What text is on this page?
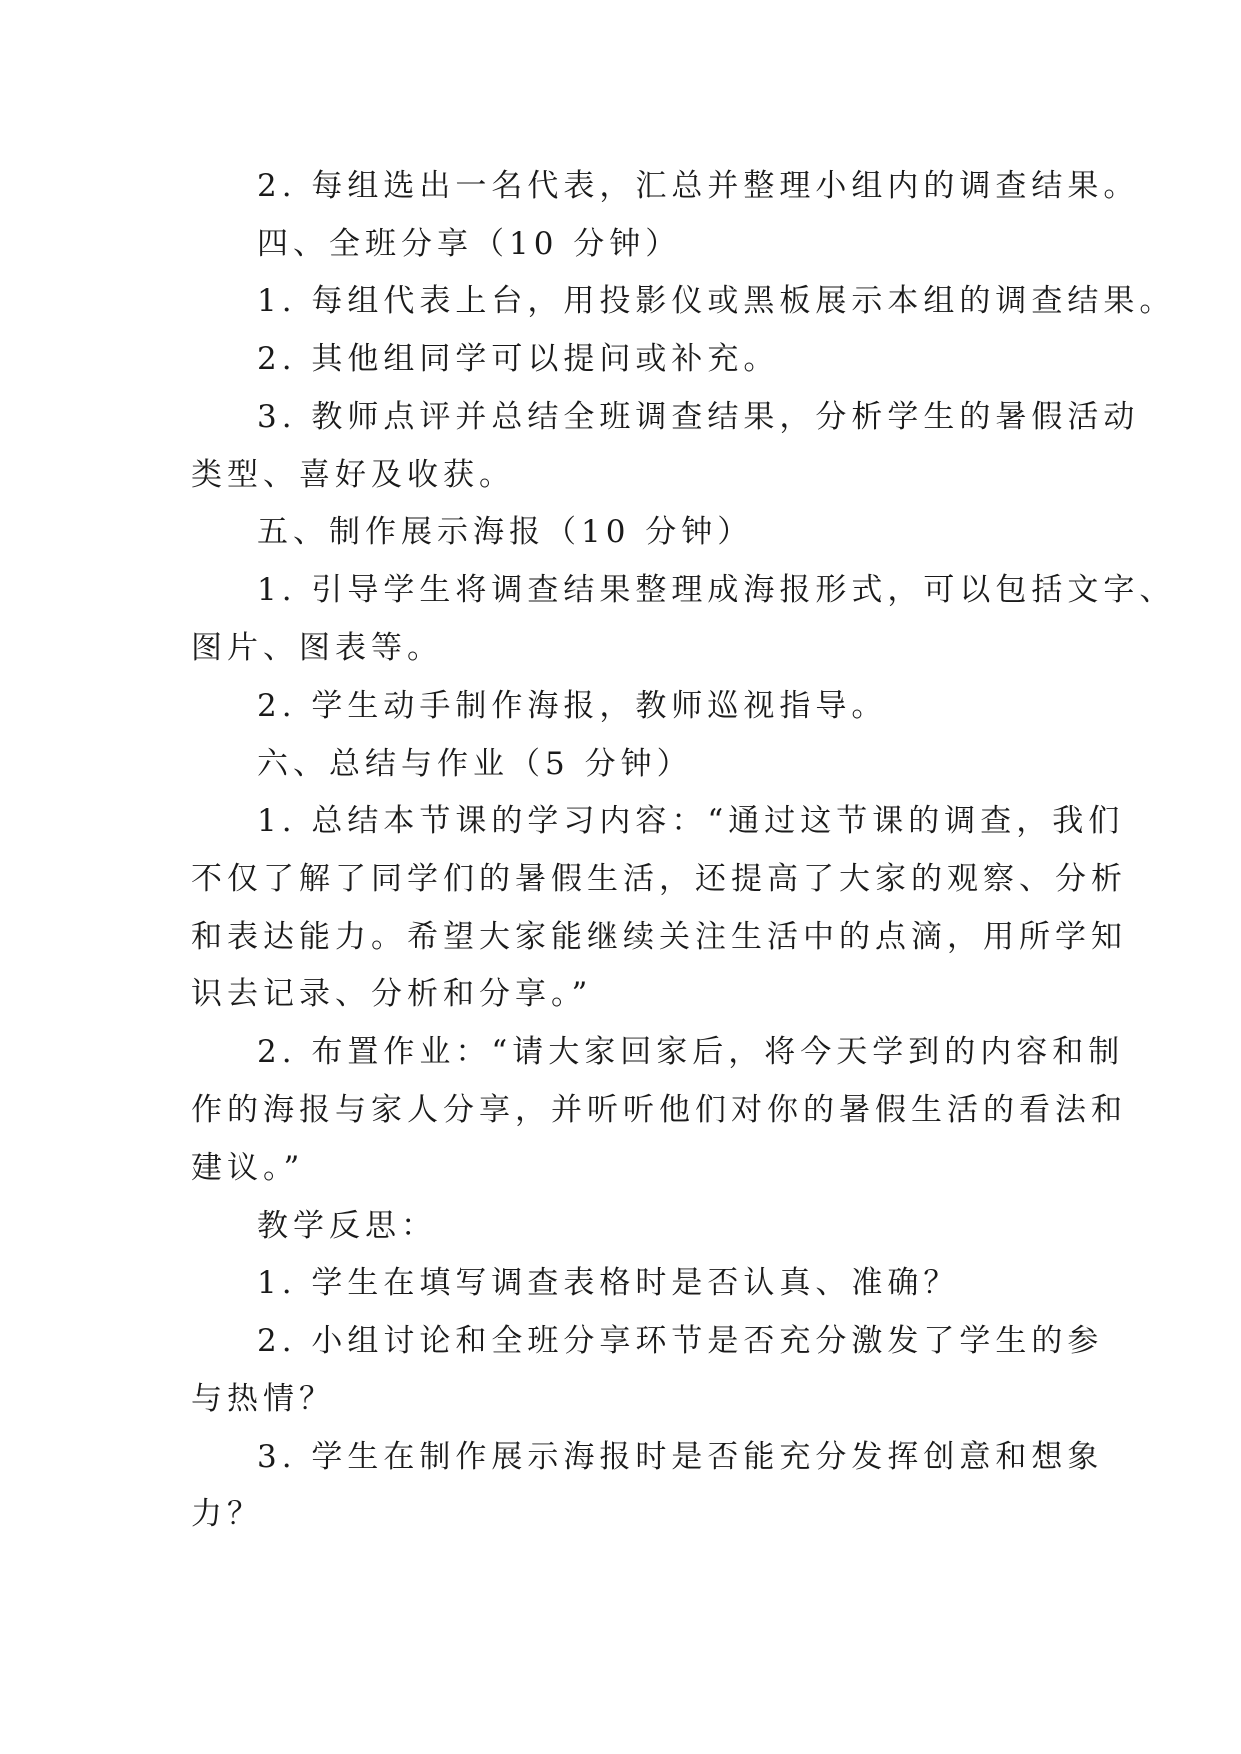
2. 每组选出一名代表，汇总并整理小组内的调查结果。
四、全班分享（10 分钟）
1. 每组代表上台，用投影仪或黑板展示本组的调查结果。
2. 其他组同学可以提问或补充。
3. 教师点评并总结全班调查结果，分析学生的暑假活动
类型、喜好及收获。
五、制作展示海报（10 分钟）
1. 引导学生将调查结果整理成海报形式，可以包括文字、
图片、图表等。
2. 学生动手制作海报，教师巡视指导。
六、总结与作业（5 分钟）
1. 总结本节课的学习内容：“通过这节课的调查，我们
不仅了解了同学们的暑假生活，还提高了大家的观察、分析
和表达能力。希望大家能继续关注生活中的点滴，用所学知
识去记录、分析和分享。”
2. 布置作业：“请大家回家后，将今天学到的内容和制
作的海报与家人分享，并听听他们对你的暑假生活的看法和
建议。”
教学反思：
1. 学生在填写调查表格时是否认真、准确？
2. 小组讨论和全班分享环节是否充分激发了学生的参
与热情？
3. 学生在制作展示海报时是否能充分发挥创意和想象
力？
